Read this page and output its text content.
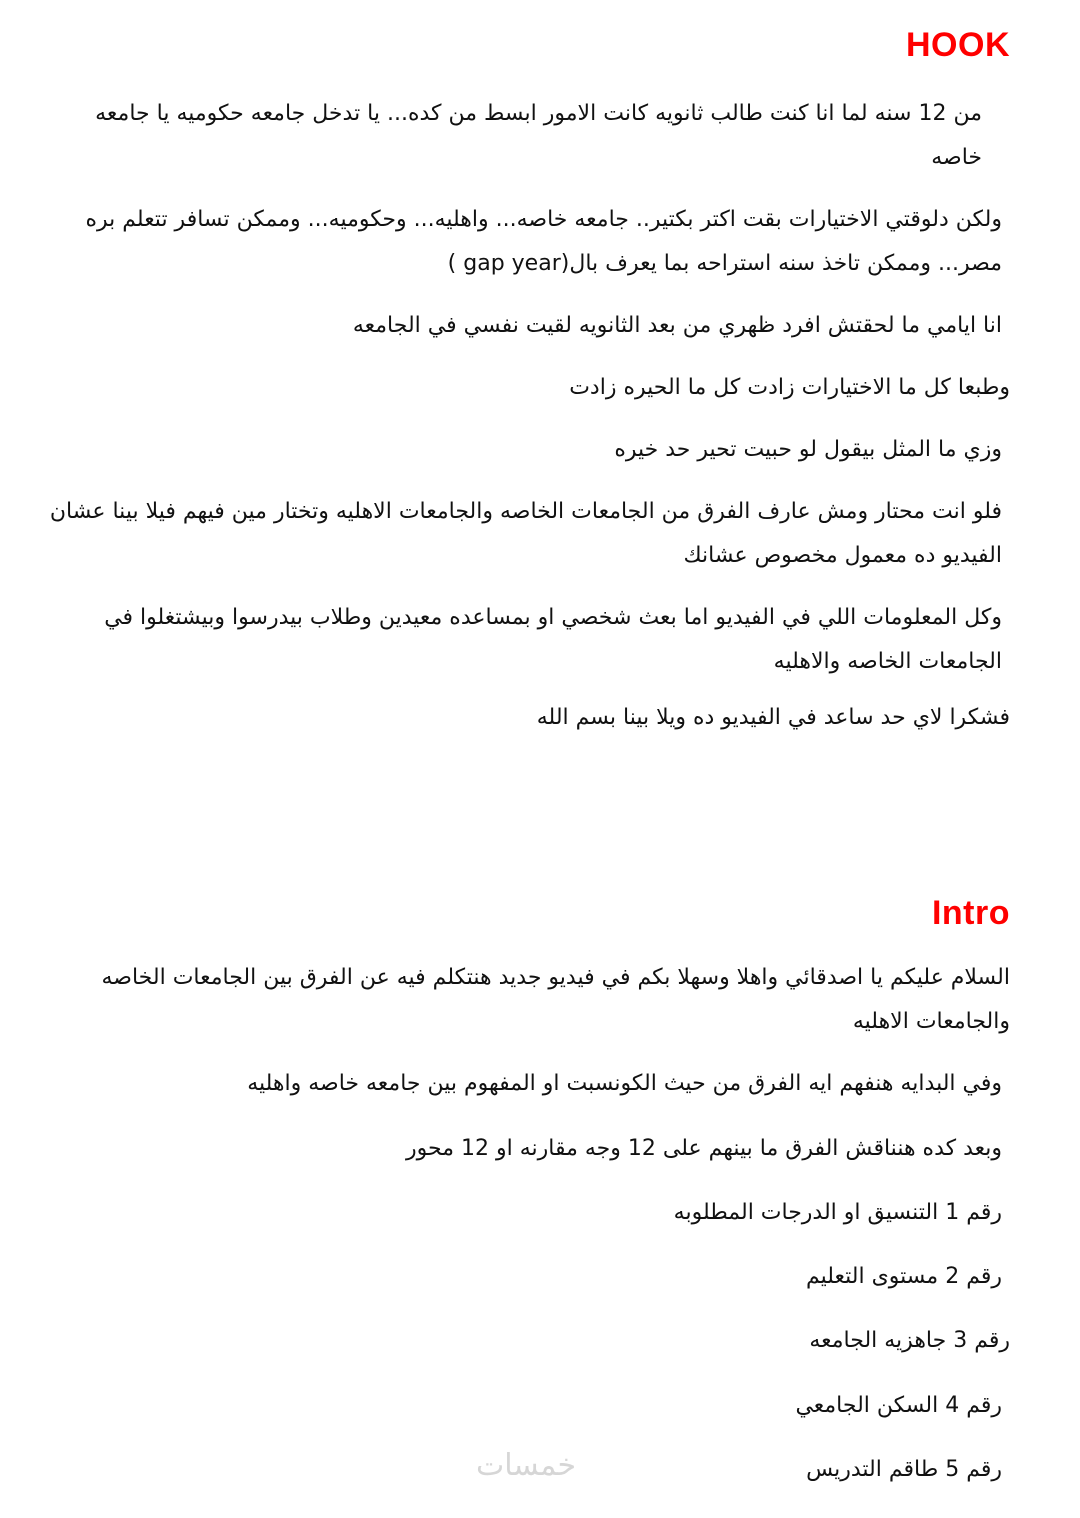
HOOK

من 12 سنه لما انا كنت طالب ثانويه كانت الامور ابسط من كده... يا تدخل جامعه حكوميه يا جامعه خاصه

ولكن دلوقتي الاختيارات بقت اكتر بكتير.. جامعه خاصه... واهليه... وحكوميه... وممكن تسافر تتعلم بره مصر... وممكن تاخذ سنه استراحه بما يعرف بال(gap year )

انا ايامي ما لحقتش افرد ظهري من بعد الثانويه لقيت نفسي في الجامعه

وطبعا كل ما الاختيارات زادت كل ما الحيره زادت

وزي ما المثل بيقول لو حبيت تحير حد خيره

فلو انت محتار ومش عارف الفرق من الجامعات الخاصه والجامعات الاهليه وتختار مين فيهم فيلا بينا عشان الفيديو ده معمول مخصوص عشانك

وكل المعلومات اللي في الفيديو اما بعث شخصي او بمساعده معيدين وطلاب بيدرسوا وبيشتغلوا في الجامعات الخاصه والاهليه

فشكرا لاي حد ساعد في الفيديو ده ويلا بينا بسم الله

Intro

السلام عليكم يا اصدقائي واهلا وسهلا بكم في فيديو جديد هنتكلم فيه عن الفرق بين الجامعات الخاصه والجامعات الاهليه

وفي البدايه هنفهم ايه الفرق من حيث الكونسبت او المفهوم بين جامعه خاصه واهليه

وبعد كده هنناقش الفرق ما بينهم على 12 وجه مقارنه او 12 محور

رقم 1 التنسيق او الدرجات المطلوبه

رقم 2 مستوى التعليم

رقم 3 جاهزيه الجامعه

رقم 4 السكن الجامعي

رقم 5 طاقم التدريس

خمسات
